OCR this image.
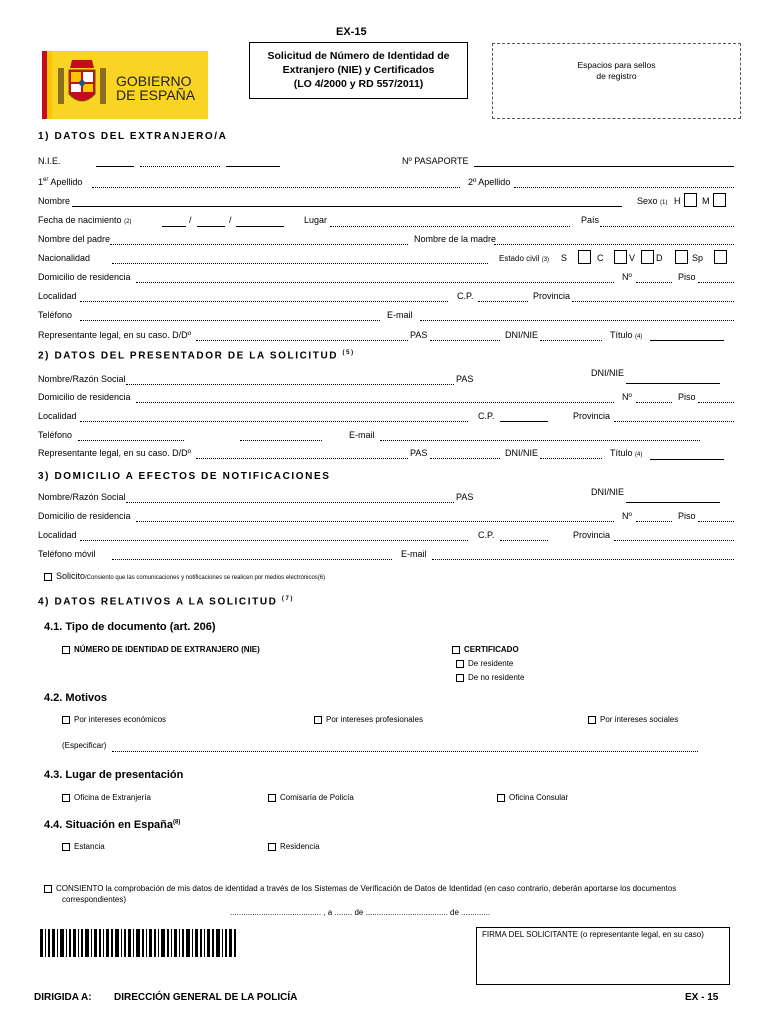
EX-15
GOBIERNO
DE ESPAÑA
Solicitud de Número de Identidad de
Extranjero (NIE) y Certificados
(LO 4/2000 y RD 557/2011)
Espacios para sellos
de registro
1) DATOS DEL EXTRANJERO/A
N.I.E.	Nº PASAPORTE
1er Apellido	2º Apellido
Nombre	Sexo (1) H M
Fecha de nacimiento (2)	/	/	Lugar	País
Nombre del padre	Nombre de la madre
Nacionalidad	Estado civil (3) S	C	V D	Sp
Domicilio de residencia	Nº	Piso
Localidad	C.P.	Provincia
Teléfono	E-mail
Representante legal, en su caso. D/Dº	PAS	DNI/NIE	Título (4)
2) DATOS DEL PRESENTADOR DE LA SOLICITUD $^{(5)}$
Nombre/Razón Social	PAS
DNI/NIE
Domicilio de residencia	Nº	Piso
Localidad	C.P.	Provincia
Teléfono	E-mail
Representante legal, en su caso. D/Dº	PAS	DNI/NIE	Título (4)
3) DOMICILIO A EFECTOS DE NOTIFICACIONES
Nombre/Razón Social	PAS	DNI/NIE
Domicilio de residencia	Nº	Piso
Localidad	C.P.	Provincia
Teléfono móvil	E-mail
Solicito/Consiento que las comunicaciones y notificaciones se realicen por medios electrónicos(6)
4) DATOS RELATIVOS A LA SOLICITUD $^{(7)}$
4.1. Tipo de documento (art. 206)
NÚMERO DE IDENTIDAD DE EXTRANJERO (NIE)	CERTIFICADO
De residente
De no residente
4.2. Motivos
Por intereses económicos	Por intereses profesionales	Por intereses sociales
(Especificar)
4.3. Lugar de presentación
Oficina de Extranjería	Comisaría de Policía	Oficina Consular
4.4. Situación en España$^{(8)}$
Estancia	Residencia
CONSIENTO la comprobación de mis datos de identidad a través de los Sistemas de Verificación de Datos de Identidad (en caso contrario, deberán aportarse los documentos
correspondientes)
......................................... , a ........ de ..................................... de .............
FIRMA DEL SOLICITANTE (o representante legal, en su caso)
DIRIGIDA A: DIRECCIÓN GENERAL DE LA POLICÍA	EX - 15
